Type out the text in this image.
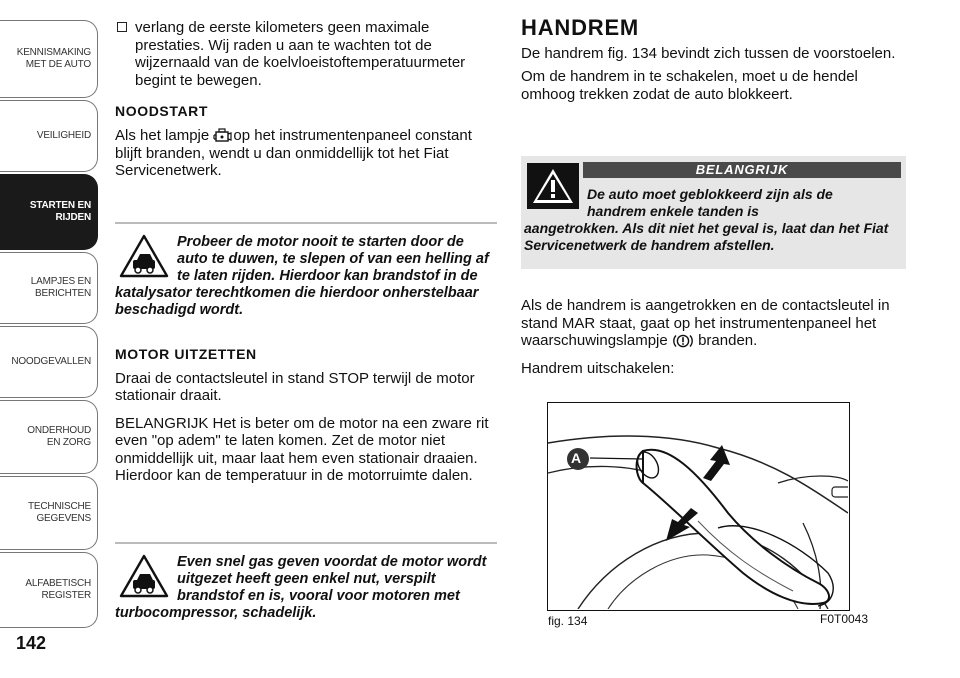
KENNISMAKING MET DE AUTO
VEILIGHEID
STARTEN EN RIJDEN
LAMPJES EN BERICHTEN
NOODGEVALLEN
ONDERHOUD EN ZORG
TECHNISCHE GEGEVENS
ALFABETISCH REGISTER
142

verlang de eerste kilometers geen maximale prestaties. Wij raden u aan te wachten tot de wijzernaald van de koelvloeistoftemperatuurmeter begint te bewegen.

NOODSTART

Als het lampje op het instrumentenpaneel constant blijft branden, wendt u dan onmiddellijk tot het Fiat Servicenetwerk.

Probeer de motor nooit te starten door de auto te duwen, te slepen of van een helling af te laten rijden. Hierdoor kan brandstof in de katalysator terechtkomen die hierdoor onherstelbaar beschadigd wordt.
MOTOR UITZETTEN

Draai de contactsleutel in stand STOP terwijl de motor stationair draait.

BELANGRIJK Het is beter om de motor na een zware rit even "op adem" te laten komen. Zet de motor niet onmiddellijk uit, maar laat hem even stationair draaien. Hierdoor kan de temperatuur in de motorruimte dalen.

Even snel gas geven voordat de motor wordt uitgezet heeft geen enkel nut, verspilt brandstof en is, vooral voor motoren met turbocompressor, schadelijk.
HANDREM

De handrem fig. 134 bevindt zich tussen de voorstoelen.

Om de handrem in te schakelen, moet u de hendel omhoog trekken zodat de auto blokkeert.

BELANGRIJK
De auto moet geblokkeerd zijn als de
handrem enkele tanden is
aangetrokken. Als dit niet het geval is, laat dan het Fiat Servicenetwerk de handrem afstellen.

Als de handrem is aangetrokken en de contactsleutel in stand MAR staat, gaat op het instrumentenpaneel het waarschuwingslampje  branden.

Handrem uitschakelen:

A
fig. 134	F0T0043
